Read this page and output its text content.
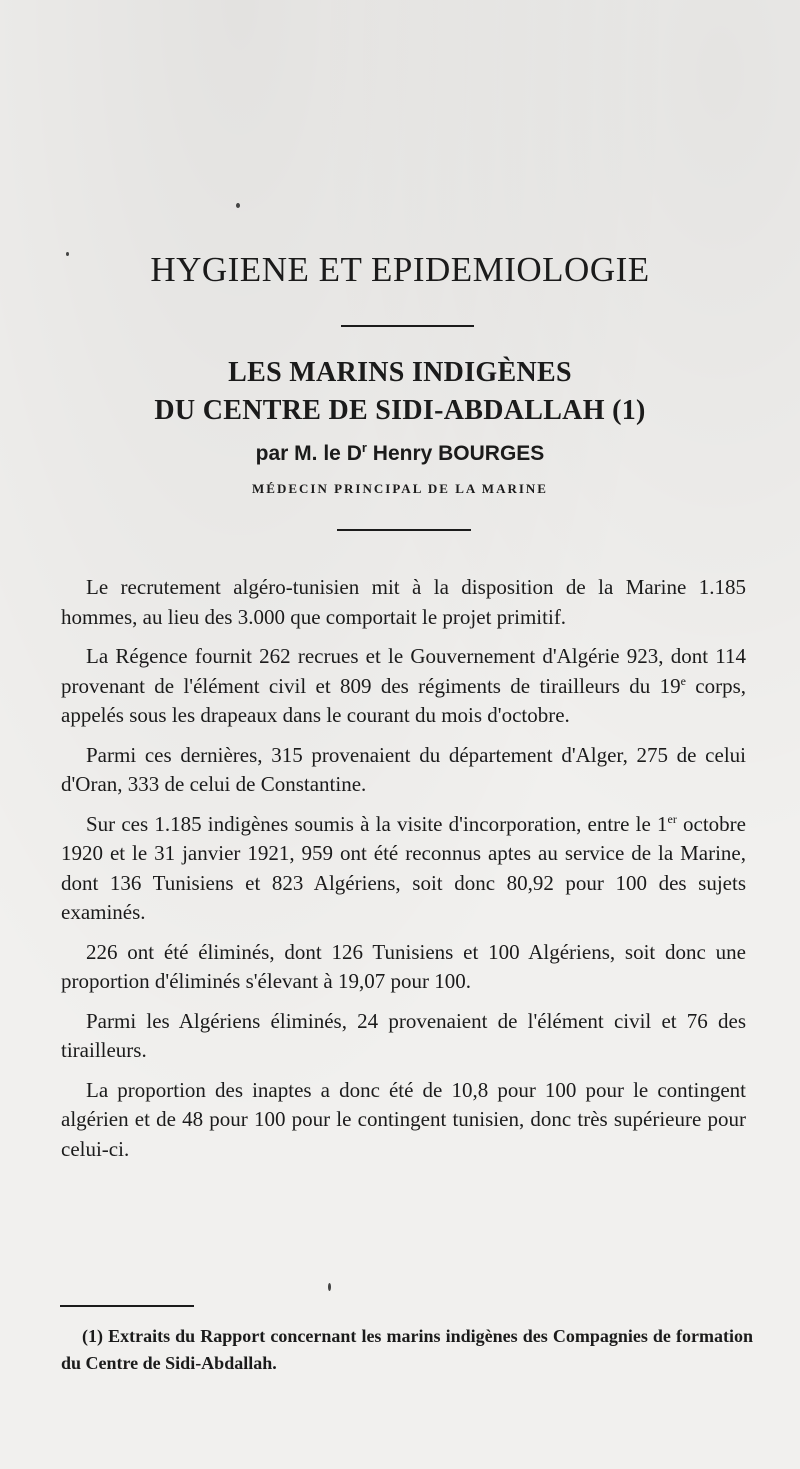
HYGIENE ET EPIDEMIOLOGIE
LES MARINS INDIGÈNES
DU CENTRE DE SIDI-ABDALLAH (1)

par M. le $D^r$ Henry BOURGES

MÉDECIN PRINCIPAL DE LA MARINE

Le recrutement algéro-tunisien mit à la disposition de la Marine 1.185 hommes, au lieu des 3.000 que comportait le projet primitif.

La Régence fournit 262 recrues et le Gouvernement d'Algérie 923, dont 114 provenant de l'élément civil et 809 des régiments de tirailleurs du 19e corps, appelés sous les drapeaux dans le courant du mois d'octobre.

Parmi ces dernières, 315 provenaient du département d'Alger, 275 de celui d'Oran, 333 de celui de Constantine.

Sur ces 1.185 indigènes soumis à la visite d'incorporation, entre le 1er octobre 1920 et le 31 janvier 1921, 959 ont été reconnus aptes au service de la Marine, dont 136 Tunisiens et 823 Algériens, soit donc 80,92 pour 100 des sujets examinés.

226 ont été éliminés, dont 126 Tunisiens et 100 Algériens, soit donc une proportion d'éliminés s'élevant à 19,07 pour 100.

Parmi les Algériens éliminés, 24 provenaient de l'élément civil et 76 des tirailleurs.

La proportion des inaptes a donc été de 10,8 pour 100 pour le contingent algérien et de 48 pour 100 pour le contingent tunisien, donc très supérieure pour celui-ci.

(1) Extraits du Rapport concernant les marins indigènes des Compagnies de formation du Centre de Sidi-Abdallah.
